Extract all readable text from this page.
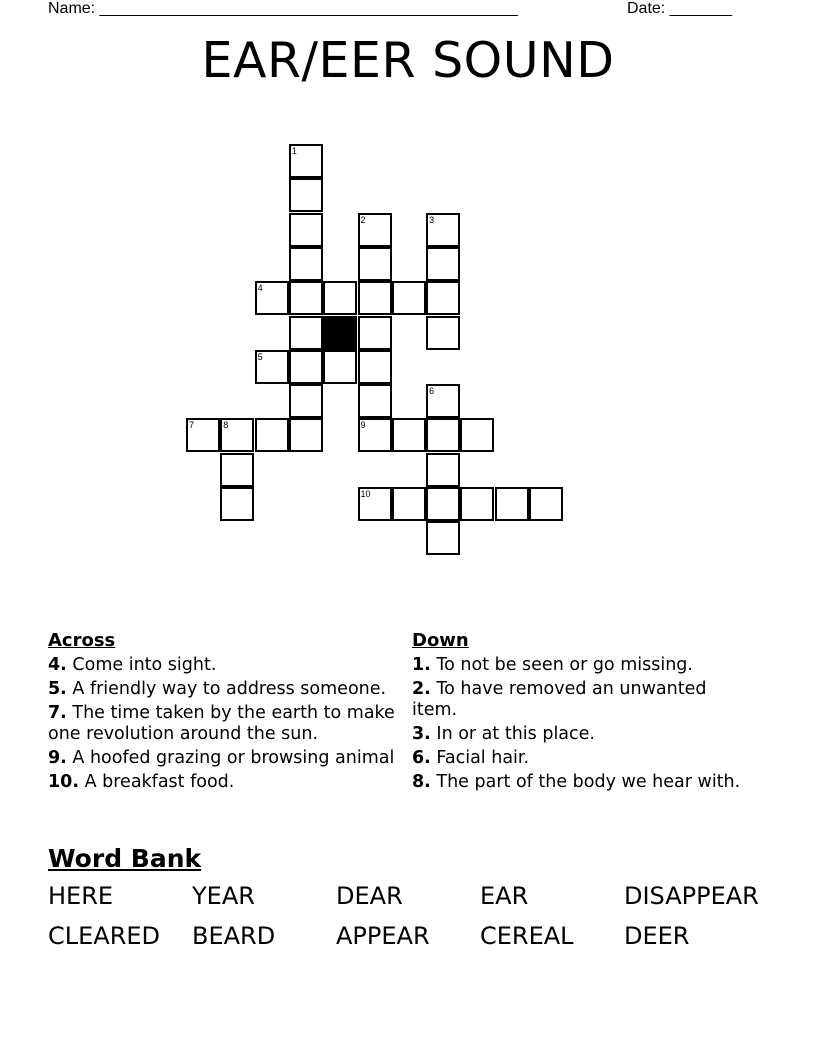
Name: _______________________________________________	Date: _______
EAR/EER SOUND
1
2
9
3
4
5
6
7	8
10
Across
4. Come into sight.
5. A friendly way to address someone.
7. The time taken by the earth to make one revolution around the sun.
9. A hoofed grazing or browsing animal
10. A breakfast food.
Down
1. To not be seen or go missing.
2. To have removed an unwanted item.
3. In or at this place.
6. Facial hair.
8. The part of the body we hear with.
Word Bank
HERE	YEAR	DEAR	EAR	DISAPPEAR
CLEARED	BEARD	APPEAR	CEREAL	DEER
